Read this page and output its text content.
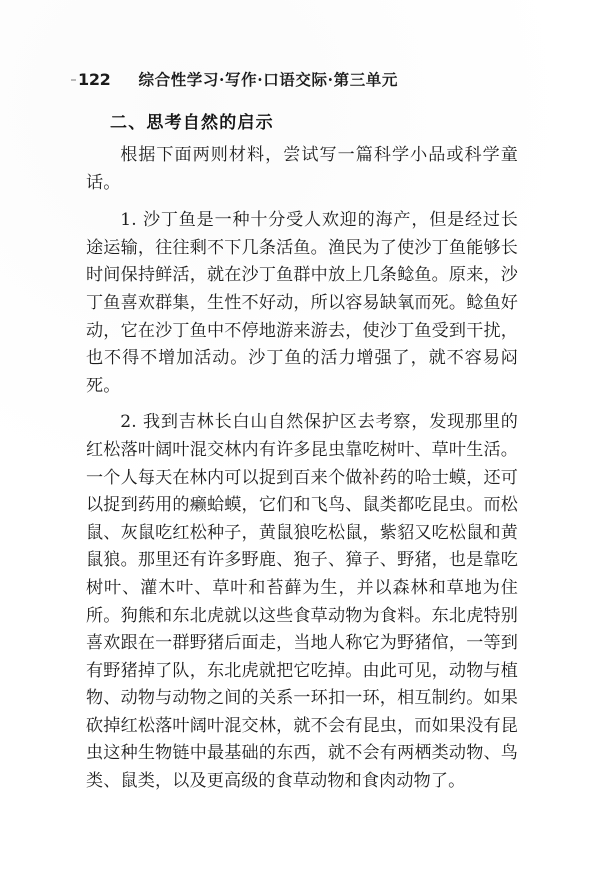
122 综合性学习·写作·口语交际·第三单元
二、思考自然的启示

根据下面两则材料，尝试写一篇科学小品或科学童话。

1. 沙丁鱼是一种十分受人欢迎的海产，但是经过长途运输，往往剩不下几条活鱼。渔民为了使沙丁鱼能够长时间保持鲜活，就在沙丁鱼群中放上几条鲶鱼。原来，沙丁鱼喜欢群集，生性不好动，所以容易缺氧而死。鲶鱼好动，它在沙丁鱼中不停地游来游去，使沙丁鱼受到干扰，也不得不增加活动。沙丁鱼的活力增强了，就不容易闷死。

2. 我到吉林长白山自然保护区去考察，发现那里的红松落叶阔叶混交林内有许多昆虫靠吃树叶、草叶生活。一个人每天在林内可以捉到百来个做补药的哈士蟆，还可以捉到药用的癞蛤蟆，它们和飞鸟、鼠类都吃昆虫。而松鼠、灰鼠吃红松种子，黄鼠狼吃松鼠，紫貂又吃松鼠和黄鼠狼。那里还有许多野鹿、狍子、獐子、野猪，也是靠吃树叶、灌木叶、草叶和苔藓为生，并以森林和草地为住所。狗熊和东北虎就以这些食草动物为食料。东北虎特别喜欢跟在一群野猪后面走，当地人称它为野猪倌，一等到有野猪掉了队，东北虎就把它吃掉。由此可见，动物与植物、动物与动物之间的关系一环扣一环，相互制约。如果砍掉红松落叶阔叶混交林，就不会有昆虫，而如果没有昆虫这种生物链中最基础的东西，就不会有两栖类动物、鸟类、鼠类，以及更高级的食草动物和食肉动物了。
